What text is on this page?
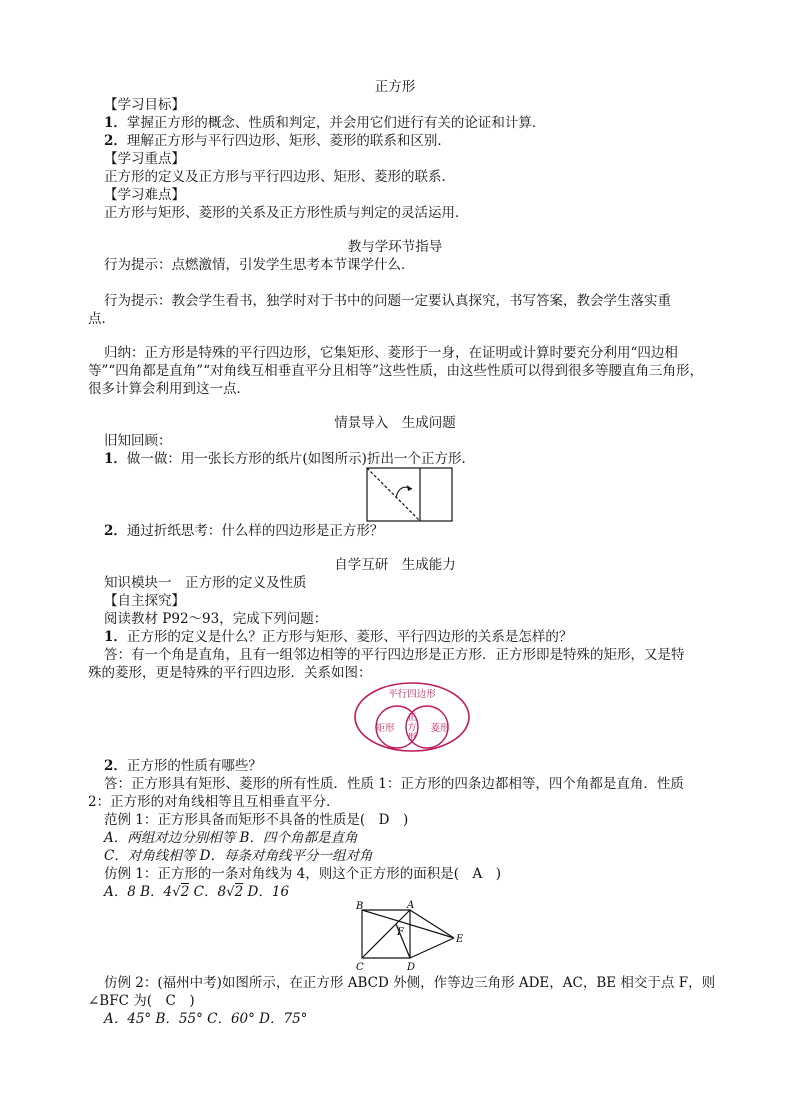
正方形
【学习目标】
1．掌握正方形的概念、性质和判定，并会用它们进行有关的论证和计算．
2．理解正方形与平行四边形、矩形、菱形的联系和区别．
【学习重点】
正方形的定义及正方形与平行四边形、矩形、菱形的联系．
【学习难点】
正方形与矩形、菱形的关系及正方形性质与判定的灵活运用．
教与学环节指导
行为提示：点燃激情，引发学生思考本节课学什么．
行为提示：教会学生看书，独学时对于书中的问题一定要认真探究，书写答案，教会学生落实重
点．
归纳：正方形是特殊的平行四边形，它集矩形、菱形于一身，在证明或计算时要充分利用“四边相
等”“四角都是直角”“对角线互相垂直平分且相等”这些性质，由这些性质可以得到很多等腰直角三角形，
很多计算会利用到这一点．
情景导入　生成问题
旧知回顾：
1．做一做：用一张长方形的纸片(如图所示)折出一个正方形．
2．通过折纸思考：什么样的四边形是正方形？
自学互研　生成能力
知识模块一　正方形的定义及性质
【自主探究】
阅读教材 P92～93，完成下列问题：
1．正方形的定义是什么？正方形与矩形、菱形、平行四边形的关系是怎样的？
答：有一个角是直角，且有一组邻边相等的平行四边形是正方形．正方形即是特殊的矩形，又是特
殊的菱形，更是特殊的平行四边形．关系如图：
平行四边形
矩形	菱形
正
方
形
2．正方形的性质有哪些？
答：正方形具有矩形、菱形的所有性质．性质 1：正方形的四条边都相等，四个角都是直角．性质
2：正方形的对角线相等且互相垂直平分．
范例 1：正方形具备而矩形不具备的性质是(　D　)
A．两组对边分别相等 B．四个角都是直角
C．对角线相等 D．每条对角线平分一组对角
仿例 1：正方形的一条对角线为 4，则这个正方形的面积是(　A　)
A．8 B．4√2 C．8√2 D．16
B	A
F
E
C	D
仿例 2：(福州中考)如图所示，在正方形 ABCD 外侧，作等边三角形 ADE，AC，BE 相交于点 F，则
∠BFC 为(　C　)
A．45° B．55° C．60° D．75°
